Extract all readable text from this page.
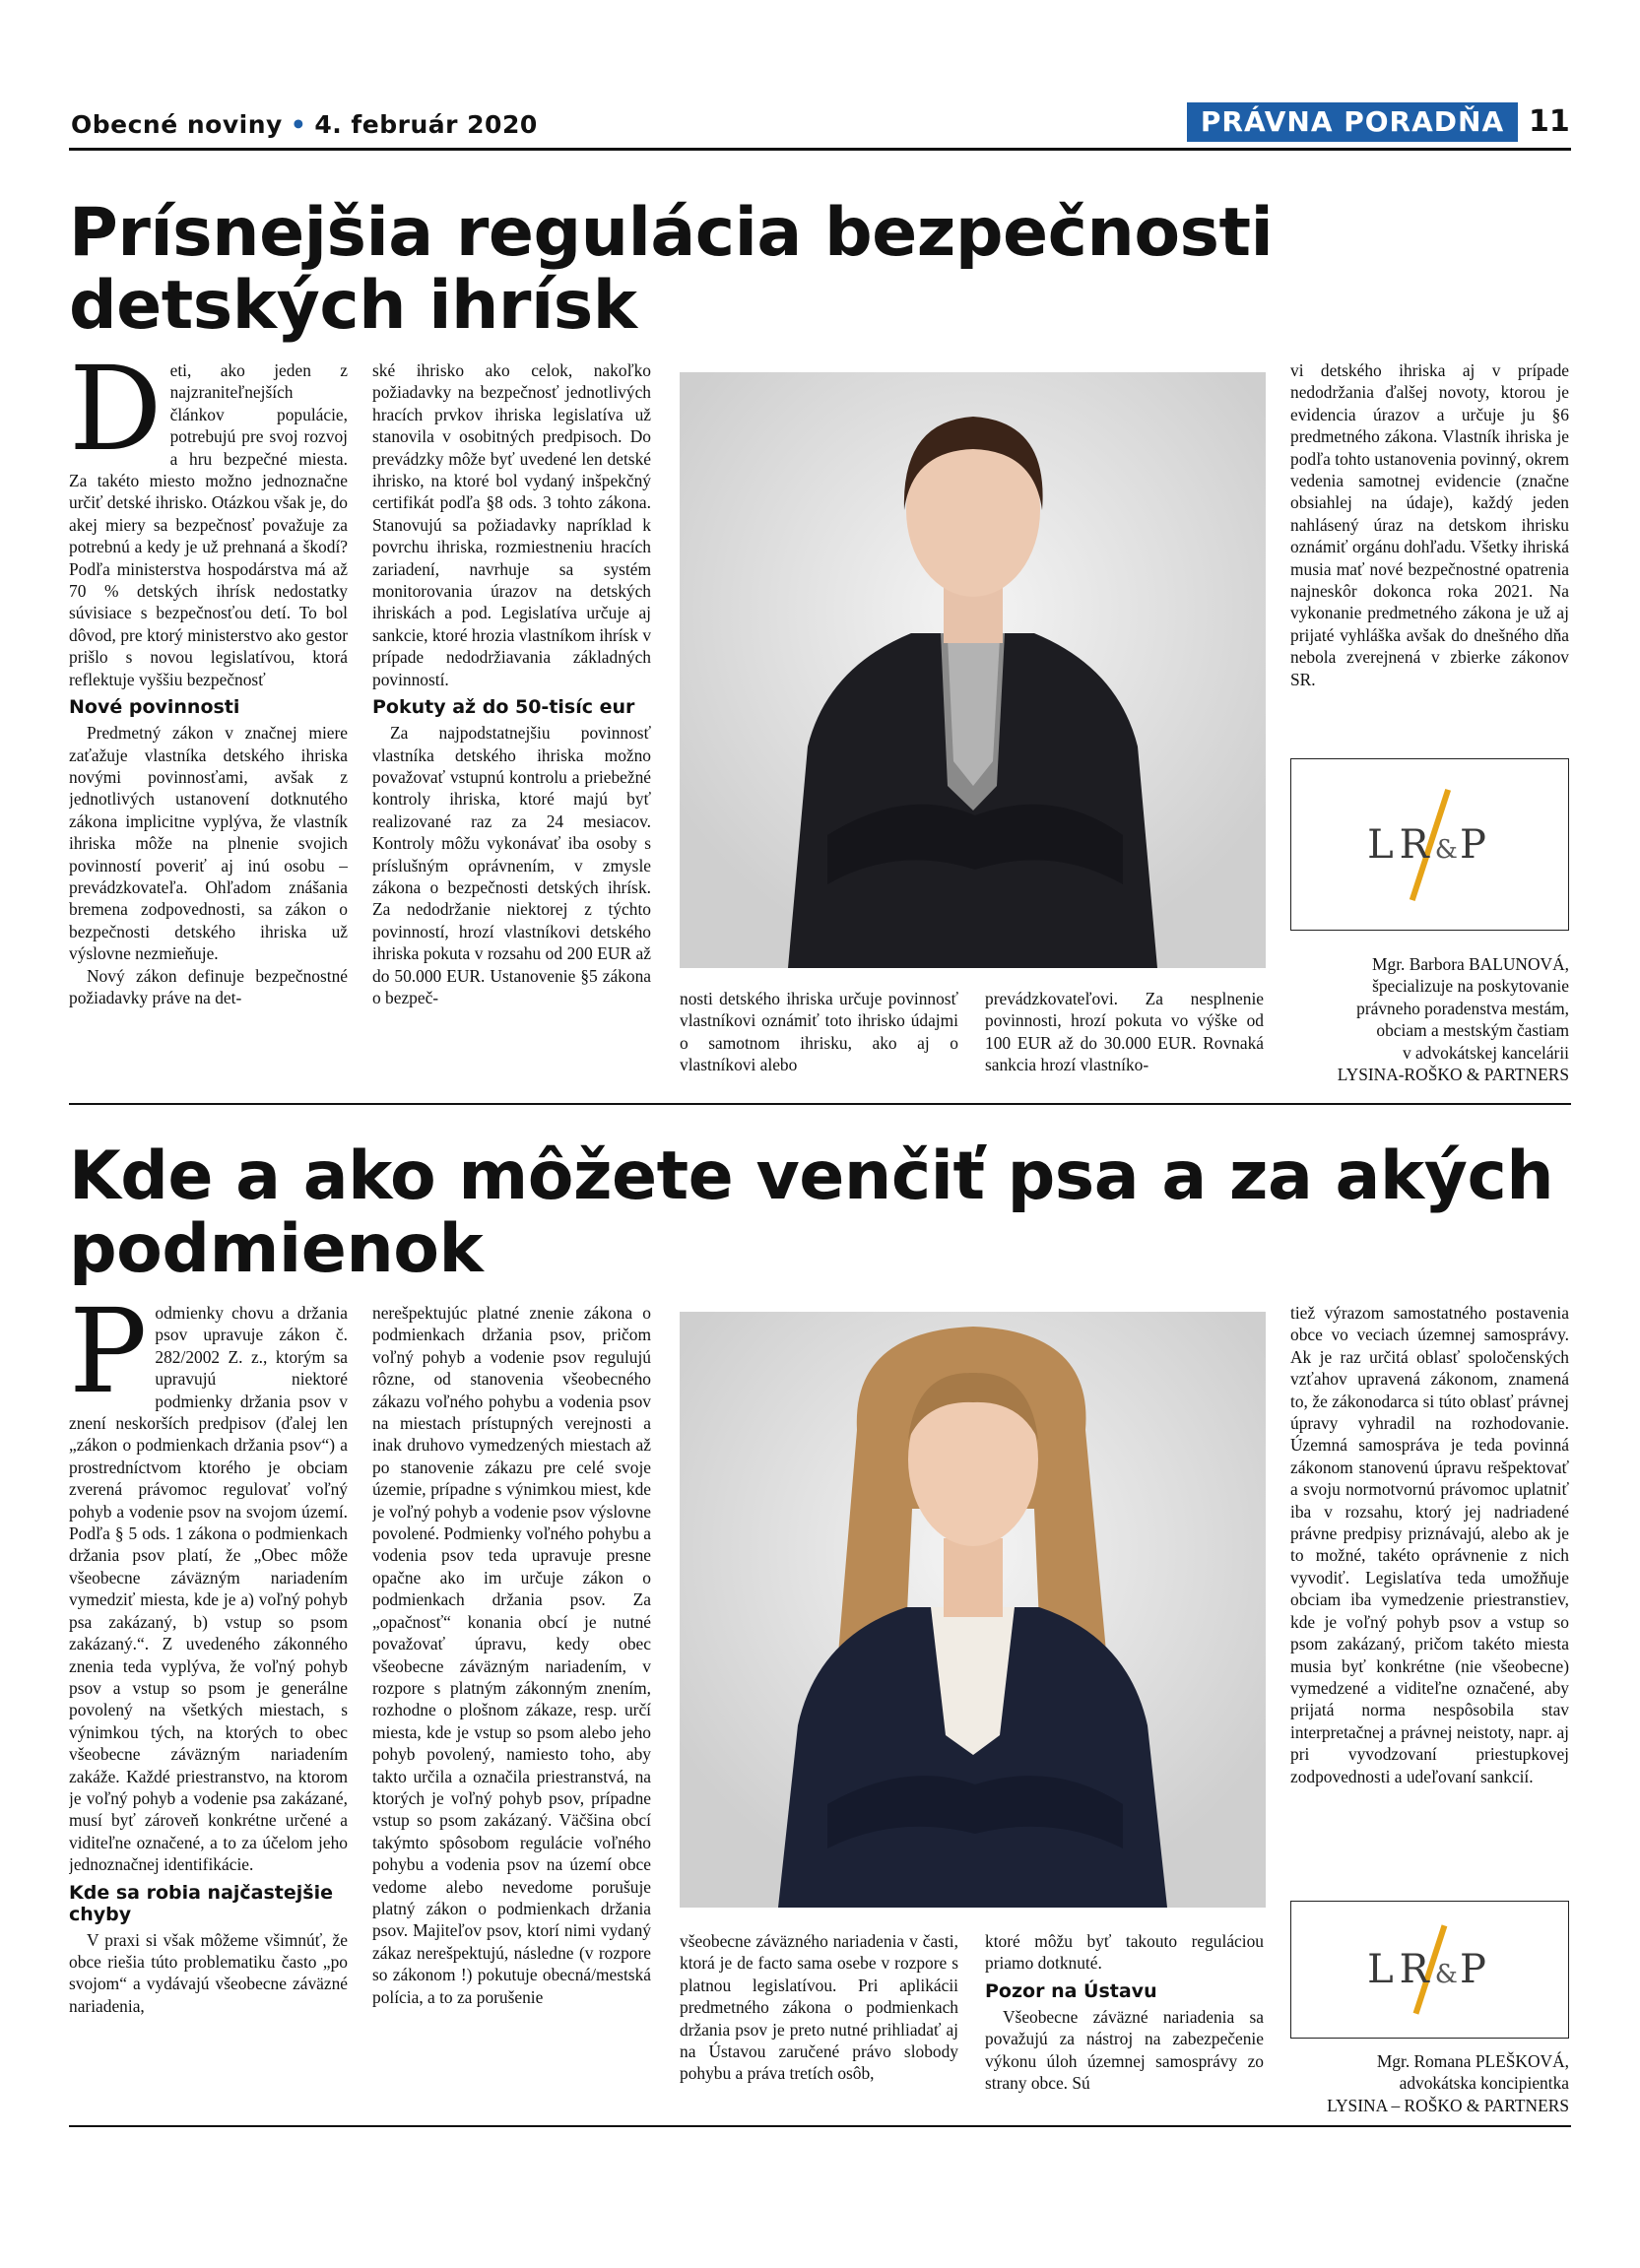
Obecné noviny • 4. február 2020	PRÁVNA PORADŇA 11
Prísnejšia regulácia bezpečnosti detských ihrísk

Deti, ako jeden z najzraniteľnejších článkov populácie, potrebujú pre svoj rozvoj a hru bezpečné miesta. Za takéto miesto možno jednoznačne určiť detské ihrisko. Otázkou však je, do akej miery sa bezpečnosť považuje za potrebnú a kedy je už prehnaná a škodí? Podľa ministerstva hospodárstva má až 70 % detských ihrísk nedostatky súvisiace s bezpečnosťou detí. To bol dôvod, pre ktorý ministerstvo ako gestor prišlo s novou legislatívou, ktorá reflektuje vyššiu bezpečnosť

Nové povinnosti

Predmetný zákon v značnej miere zaťažuje vlastníka detského ihriska novými povinnosťami, avšak z jednotlivých ustanovení dotknutého zákona implicitne vyplýva, že vlastník ihriska môže na plnenie svojich povinností poveriť aj inú osobu – prevádzkovateľa. Ohľadom znášania bremena zodpovednosti, sa zákon o bezpečnosti detského ihriska už výslovne nezmieňuje.

Nový zákon definuje bezpečnostné požiadavky práve na det-

ské ihrisko ako celok, nakoľko požiadavky na bezpečnosť jednotlivých hracích prvkov ihriska legislatíva už stanovila v osobitných predpisoch. Do prevádzky môže byť uvedené len detské ihrisko, na ktoré bol vydaný inšpekčný certifikát podľa §8 ods. 3 tohto zákona. Stanovujú sa požiadavky napríklad k povrchu ihriska, rozmiestneniu hracích zariadení, navrhuje sa systém monitorovania úrazov na detských ihriskách a pod. Legislatíva určuje aj sankcie, ktoré hrozia vlastníkom ihrísk v prípade nedodržiavania základných povinností.

Pokuty až do 50-tisíc eur

Za najpodstatnejšiu povinnosť vlastníka detského ihriska možno považovať vstupnú kontrolu a priebežné kontroly ihriska, ktoré majú byť realizované raz za 24 mesiacov. Kontroly môžu vykonávať iba osoby s príslušným oprávnením, v zmysle zákona o bezpečnosti detských ihrísk. Za nedodržanie niektorej z týchto povinností, hrozí vlastníkovi detského ihriska pokuta v rozsahu od 200 EUR až do 50.000 EUR. Ustanovenie §5 zákona o bezpeč-	nosti detského ihriska určuje povinnosť vlastníkovi oznámiť toto ihrisko údajmi o samotnom ihrisku, ako aj o vlastníkovi alebo

prevádzkovateľovi. Za nesplnenie povinnosti, hrozí pokuta vo výške od 100 EUR až do 30.000 EUR. Rovnaká sankcia hrozí vlastníko-

vi detského ihriska aj v prípade nedodržania ďalšej novoty, ktorou je evidencia úrazov a určuje ju §6 predmetného zákona. Vlastník ihriska je podľa tohto ustanovenia povinný, okrem vedenia samotnej evidencie (značne obsiahlej na údaje), každý jeden nahlásený úraz na detskom ihrisku oznámiť orgánu dohľadu. Všetky ihriská musia mať nové bezpečnostné opatrenia najneskôr dokonca roka 2021. Na vykonanie predmetného zákona je už aj prijaté vyhláška avšak do dnešného dňa nebola zverejnená v zbierke zákonov SR.

LR&P
Mgr. Barbora BALUNOVÁ,
špecializuje na poskytovanie
právneho poradenstva mestám,
obciam a mestským častiam
v advokátskej kancelárii
LYSINA-ROŠKO & PARTNERS
Kde a ako môžete venčiť psa a za akých podmienok

Podmienky chovu a držania psov upravuje zákon č. 282/2002 Z. z., ktorým sa upravujú niektoré podmienky držania psov v znení neskorších predpisov (ďalej len „zákon o podmienkach držania psov“) a prostredníctvom ktorého je obciam zverená právomoc regulovať voľný pohyb a vodenie psov na svojom území. Podľa § 5 ods. 1 zákona o podmienkach držania psov platí, že „Obec môže všeobecne záväzným nariadením vymedziť miesta, kde je a) voľný pohyb psa zakázaný, b) vstup so psom zakázaný.“. Z uvedeného zákonného znenia teda vyplýva, že voľný pohyb psov a vstup so psom je generálne povolený na všetkých miestach, s výnimkou tých, na ktorých to obec všeobecne záväzným nariadením zakáže. Každé priestranstvo, na ktorom je voľný pohyb a vodenie psa zakázané, musí byť zároveň konkrétne určené a viditeľne označené, a to za účelom jeho jednoznačnej identifikácie.

Kde sa robia najčastejšie chyby

V praxi si však môžeme všimnúť, že obce riešia túto problematiku často „po svojom“ a vydávajú všeobecne záväzné nariadenia,

nerešpektujúc platné znenie zákona o podmienkach držania psov, pričom voľný pohyb a vodenie psov regulujú rôzne, od stanovenia všeobecného zákazu voľného pohybu a vodenia psov na miestach prístupných verejnosti a inak druhovo vymedzených miestach až po stanovenie zákazu pre celé svoje územie, prípadne s výnimkou miest, kde je voľný pohyb a vodenie psov výslovne povolené. Podmienky voľného pohybu a vodenia psov teda upravuje presne opačne ako im určuje zákon o podmienkach držania psov. Za „opačnosť“ konania obcí je nutné považovať úpravu, kedy obec všeobecne záväzným nariadením, v rozpore s platným zákonným znením, rozhodne o plošnom zákaze, resp. určí miesta, kde je vstup so psom alebo jeho pohyb povolený, namiesto toho, aby takto určila a označila priestranstvá, na ktorých je voľný pohyb psov, prípadne vstup so psom zakázaný. Väčšina obcí takýmto spôsobom regulácie voľného pohybu a vodenia psov na území obce vedome alebo nevedome porušuje platný zákon o podmienkach držania psov. Majiteľov psov, ktorí nimi vydaný zákaz nerešpektujú, následne (v rozpore so zákonom !) pokutuje obecná/mestská polícia, a to za porušenie

všeobecne záväzného nariadenia v časti, ktorá je de facto sama osebe v rozpore s platnou legislatívou. Pri aplikácii predmetného zákona o podmienkach držania psov je preto nutné prihliadať aj na Ústavou zaručené právo slobody pohybu a práva tretích osôb,

ktoré môžu byť takouto reguláciou priamo dotknuté.

Pozor na Ústavu

Všeobecne záväzné nariadenia sa považujú za nástroj na zabezpečenie výkonu úloh územnej samosprávy zo strany obce. Sú

tiež výrazom samostatného postavenia obce vo veciach územnej samosprávy. Ak je raz určitá oblasť spoločenských vzťahov upravená zákonom, znamená to, že zákonodarca si túto oblasť právnej úpravy vyhradil na rozhodovanie. Územná samospráva je teda povinná zákonom stanovenú úpravu rešpektovať a svoju normotvornú právomoc uplatniť iba v rozsahu, ktorý jej nadriadené právne predpisy priznávajú, alebo ak je to možné, takéto oprávnenie z nich vyvodiť. Legislatíva teda umožňuje obciam iba vymedzenie priestranstiev, kde je voľný pohyb psov a vstup so psom zakázaný, pričom takéto miesta musia byť konkrétne (nie všeobecne) vymedzené a viditeľne označené, aby prijatá norma nespôsobila stav interpretačnej a právnej neistoty, napr. aj pri vyvodzovaní priestupkovej zodpovednosti a udeľovaní sankcií.

LR&P
Mgr. Romana PLEŠKOVÁ,
advokátska koncipientka
LYSINA – ROŠKO & PARTNERS
